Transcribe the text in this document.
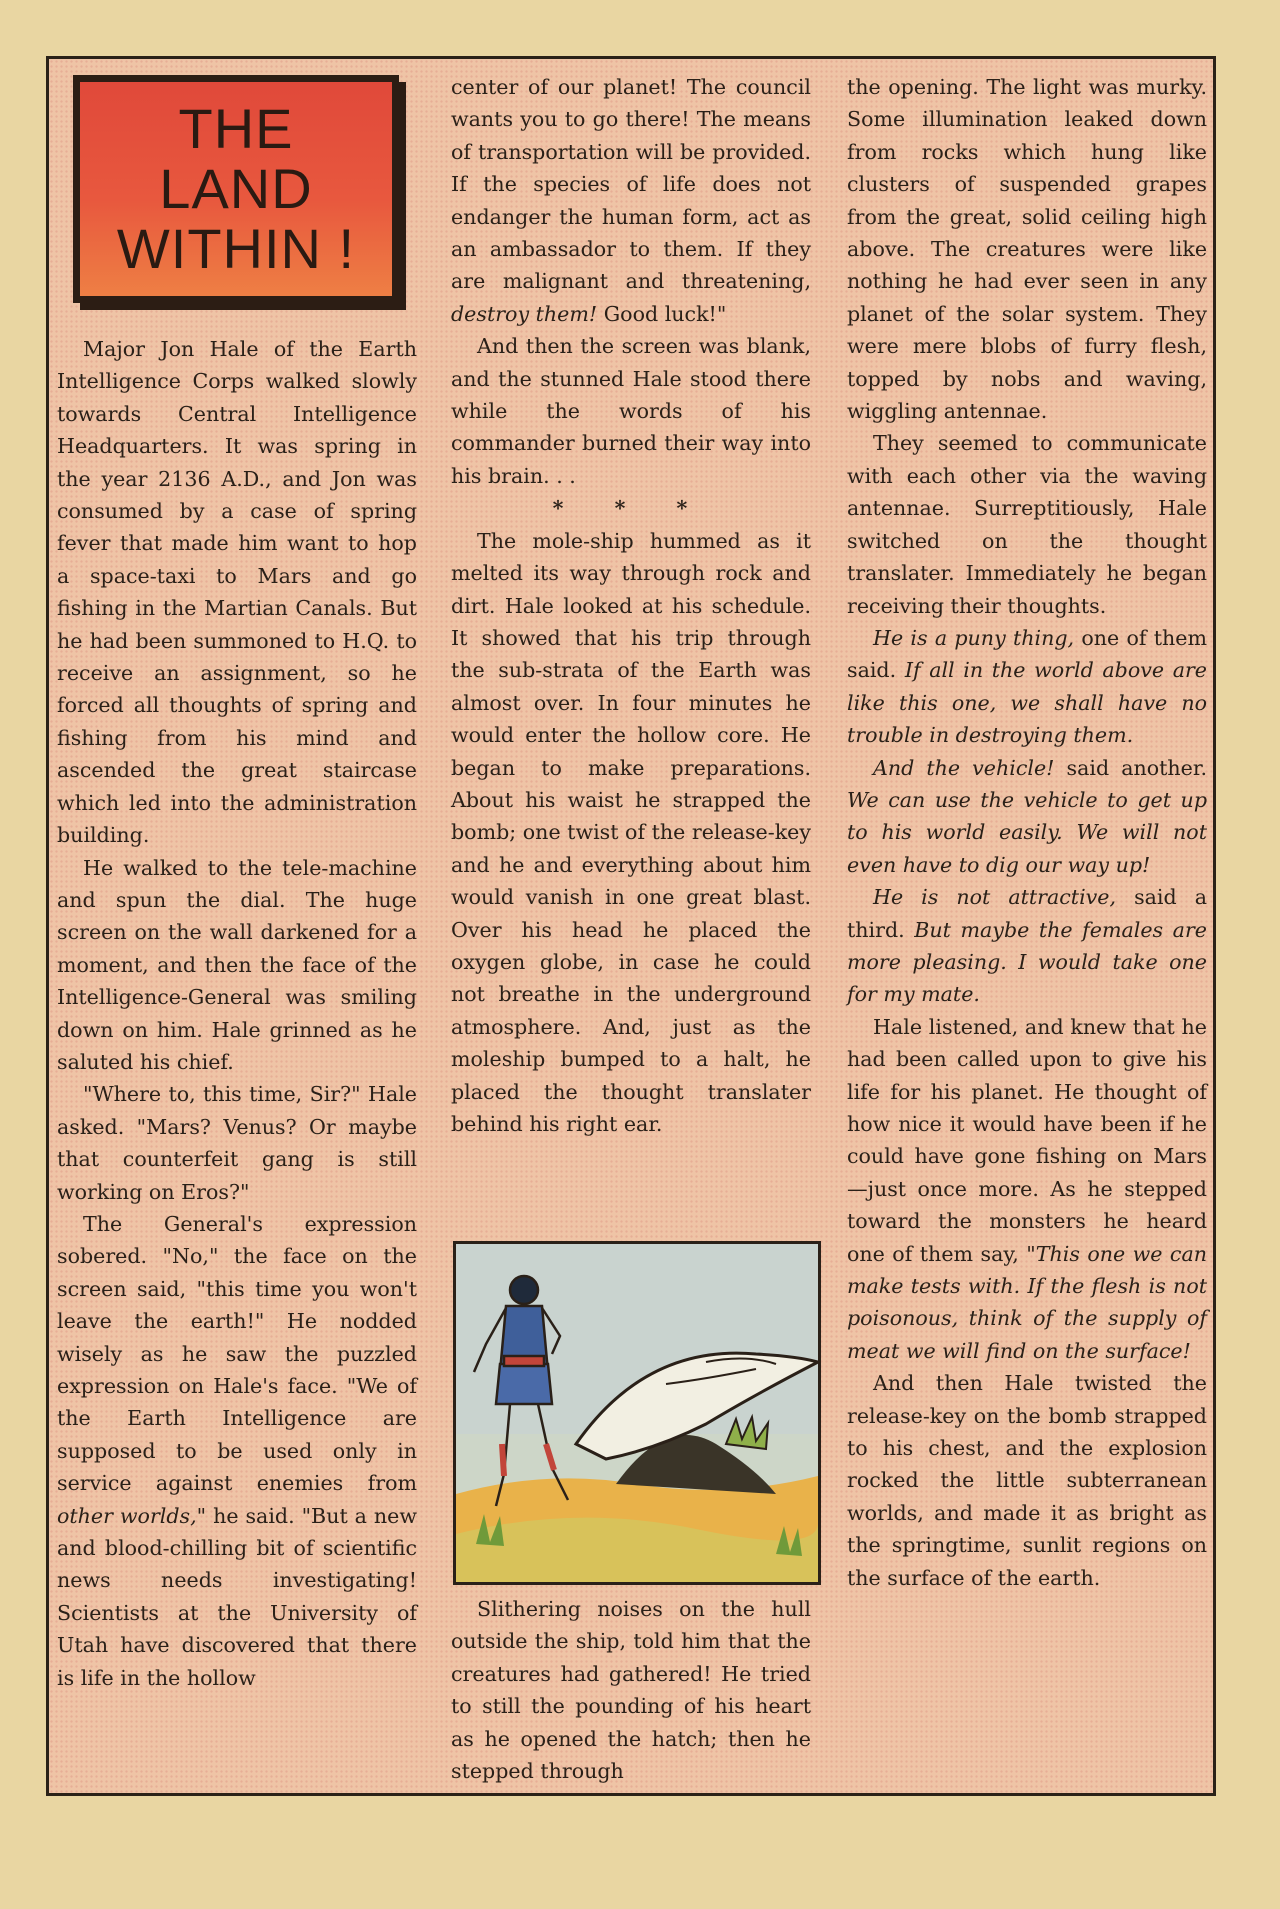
THE
LAND
WITHIN !

Major Jon Hale of the Earth Intelligence Corps walked slowly towards Central Intelligence Headquarters. It was spring in the year 2136 A.D., and Jon was consumed by a case of spring fever that made him want to hop a space-taxi to Mars and go fishing in the Martian Canals. But he had been summoned to H.Q. to receive an assignment, so he forced all thoughts of spring and fishing from his mind and ascended the great staircase which led into the administration building.

He walked to the tele-machine and spun the dial. The huge screen on the wall darkened for a moment, and then the face of the Intelligence-General was smiling down on him. Hale grinned as he saluted his chief.

"Where to, this time, Sir?" Hale asked. "Mars? Venus? Or maybe that counterfeit gang is still working on Eros?"

The General's expression sobered. "No," the face on the screen said, "this time you won't leave the earth!" He nodded wisely as he saw the puzzled expression on Hale's face. "We of the Earth Intelligence are supposed to be used only in service against enemies from other worlds," he said. "But a new and blood-chilling bit of scientific news needs investigating! Scientists at the University of Utah have discovered that there is life in the hollow

center of our planet! The council wants you to go there! The means of transportation will be provided. If the species of life does not endanger the human form, act as an ambassador to them. If they are malignant and threatening, destroy them! Good luck!"

And then the screen was blank, and the stunned Hale stood there while the words of his commander burned their way into his brain. . .

* * *

The mole-ship hummed as it melted its way through rock and dirt. Hale looked at his schedule. It showed that his trip through the sub-strata of the Earth was almost over. In four minutes he would enter the hollow core. He began to make preparations. About his waist he strapped the bomb; one twist of the release-key and he and everything about him would vanish in one great blast. Over his head he placed the oxygen globe, in case he could not breathe in the underground atmosphere. And, just as the moleship bumped to a halt, he placed the thought translater behind his right ear.

Slithering noises on the hull outside the ship, told him that the creatures had gathered! He tried to still the pounding of his heart as he opened the hatch; then he stepped through

the opening. The light was murky. Some illumination leaked down from rocks which hung like clusters of suspended grapes from the great, solid ceiling high above. The creatures were like nothing he had ever seen in any planet of the solar system. They were mere blobs of furry flesh, topped by nobs and waving, wiggling antennae.

They seemed to communicate with each other via the waving antennae. Surreptitiously, Hale switched on the thought translater. Immediately he began receiving their thoughts.

He is a puny thing, one of them said. If all in the world above are like this one, we shall have no trouble in destroying them.

And the vehicle! said another. We can use the vehicle to get up to his world easily. We will not even have to dig our way up!

He is not attractive, said a third. But maybe the females are more pleasing. I would take one for my mate.

Hale listened, and knew that he had been called upon to give his life for his planet. He thought of how nice it would have been if he could have gone fishing on Mars—just once more. As he stepped toward the monsters he heard one of them say, "This one we can make tests with. If the flesh is not poisonous, think of the supply of meat we will find on the surface!

And then Hale twisted the release-key on the bomb strapped to his chest, and the explosion rocked the little subterranean worlds, and made it as bright as the springtime, sunlit regions on the surface of the earth.
